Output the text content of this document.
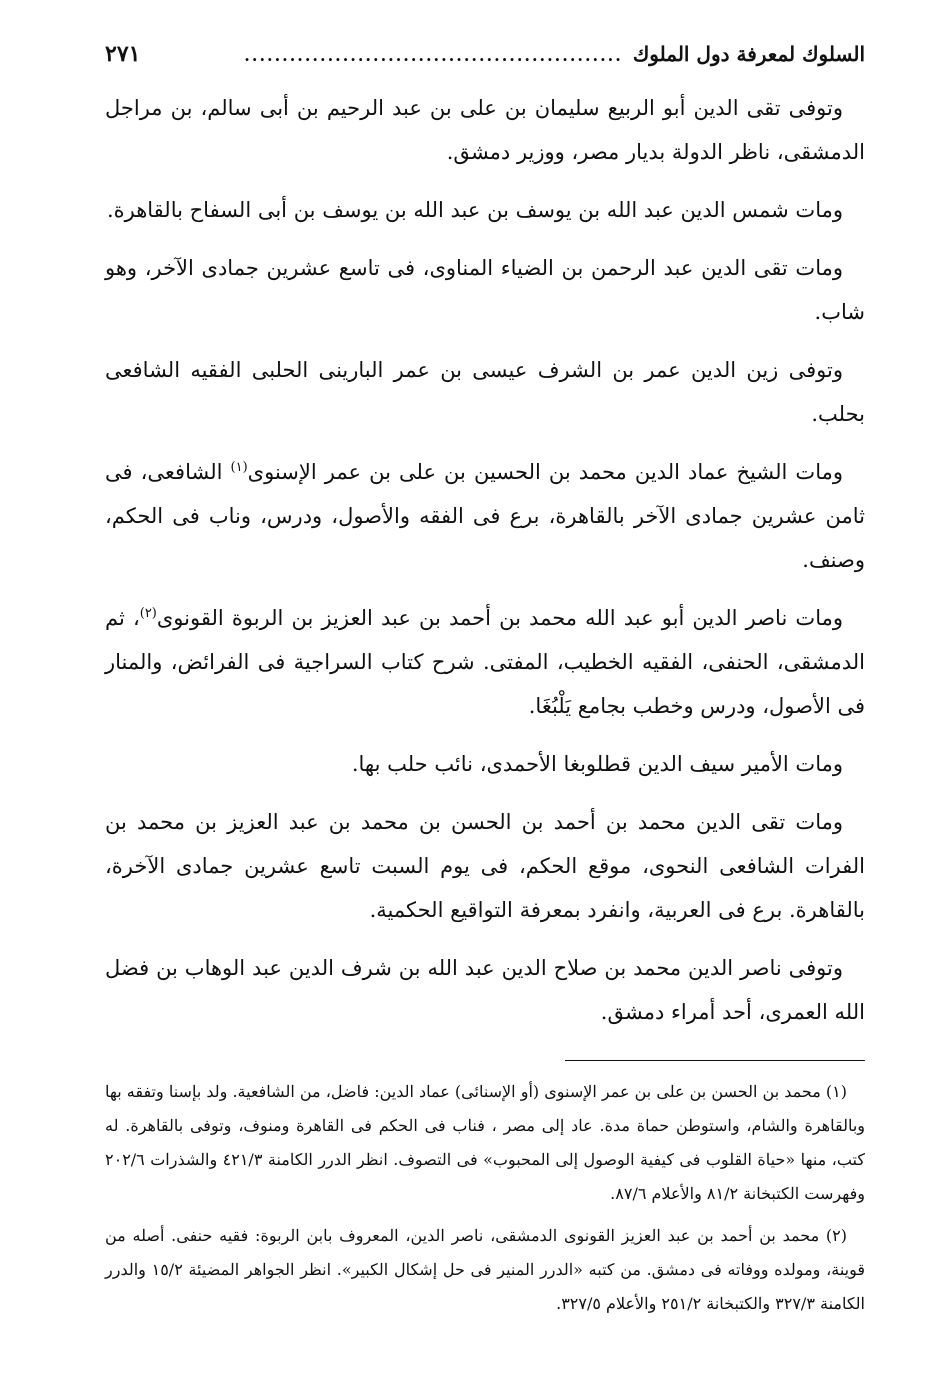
السلوك لمعرفة دول الملوك
..................................................
٢٧١

وتوفى تقى الدين أبو الربيع سليمان بن على بن عبد الرحيم بن أبى سالم، بن مراجل الدمشقى، ناظر الدولة بديار مصر، ووزير دمشق.

ومات شمس الدين عبد الله بن يوسف بن عبد الله بن يوسف بن أبى السفاح بالقاهرة.

ومات تقى الدين عبد الرحمن بن الضياء المناوى، فى تاسع عشرين جمادى الآخر، وهو شاب.

وتوفى زين الدين عمر بن الشرف عيسى بن عمر البارينى الحلبى الفقيه الشافعى بحلب.

ومات الشيخ عماد الدين محمد بن الحسين بن على بن عمر الإسنوى$^{(١)}$ الشافعى، فى ثامن عشرين جمادى الآخر بالقاهرة، برع فى الفقه والأصول، ودرس، وناب فى الحكم، وصنف.

ومات ناصر الدين أبو عبد الله محمد بن أحمد بن عبد العزيز بن الربوة القونوى$^{(٢)}$، ثم الدمشقى، الحنفى، الفقيه الخطيب، المفتى. شرح كتاب السراجية فى الفرائض، والمنار فى الأصول، ودرس وخطب بجامع يَلْبُغَا.

ومات الأمير سيف الدين قطلوبغا الأحمدى، نائب حلب بها.

ومات تقى الدين محمد بن أحمد بن الحسن بن محمد بن عبد العزيز بن محمد بن الفرات الشافعى النحوى، موقع الحكم، فى يوم السبت تاسع عشرين جمادى الآخرة، بالقاهرة. برع فى العربية، وانفرد بمعرفة التواقيع الحكمية.

وتوفى ناصر الدين محمد بن صلاح الدين عبد الله بن شرف الدين عبد الوهاب بن فضل الله العمرى، أحد أمراء دمشق.

(١) محمد بن الحسن بن على بن عمر الإسنوى (أو الإسنائى) عماد الدين: فاضل، من الشافعية. ولد بإسنا وتفقه بها وبالقاهرة والشام، واستوطن حماة مدة. عاد إلى مصر ، فناب فى الحكم فى القاهرة ومنوف، وتوفى بالقاهرة. له كتب، منها «حياة القلوب فى كيفية الوصول إلى المحبوب» فى التصوف. انظر الدرر الكامنة ٤٢١/٣ والشذرات ٢٠٢/٦ وفهرست الكتبخانة ٨١/٢ والأعلام ٨٧/٦.

(٢) محمد بن أحمد بن عبد العزيز القونوى الدمشقى، ناصر الدين، المعروف بابن الربوة: فقيه حنفى. أصله من قوينة، ومولده ووفاته فى دمشق. من كتبه «الدرر المنير فى حل إشكال الكبير». انظر الجواهر المضيئة ١٥/٢ والدرر الكامنة ٣٢٧/٣ والكتبخانة ٢٥١/٢ والأعلام ٣٢٧/٥.
